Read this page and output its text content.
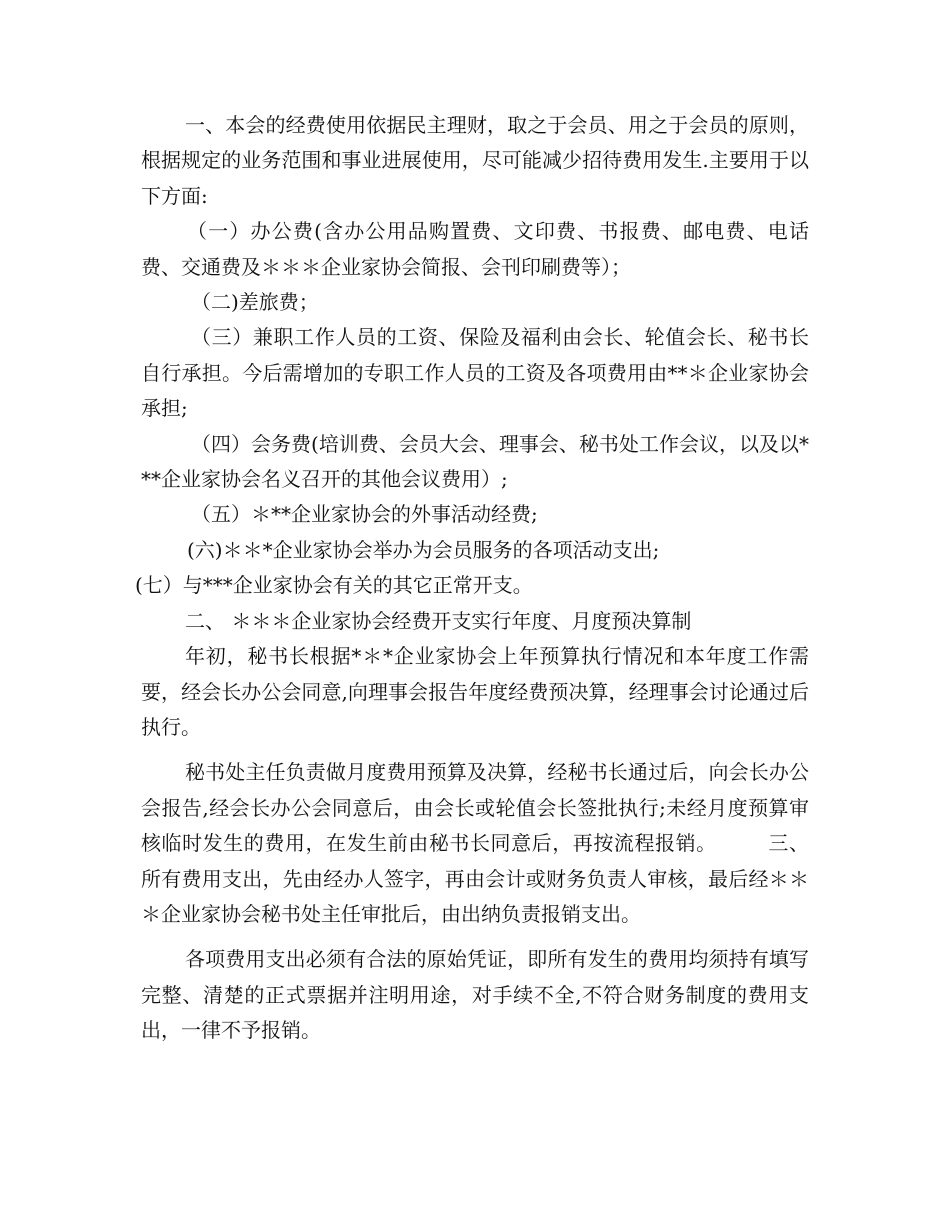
一、本会的经费使用依据民主理财，取之于会员、用之于会员的原则，根据规定的业务范围和事业进展使用，尽可能减少招待费用发生.主要用于以下方面:

（一）办公费(含办公用品购置费、文印费、书报费、邮电费、电话费、交通费及＊＊＊企业家协会简报、会刊印刷费等）；

（二)差旅费；

（三）兼职工作人员的工资、保险及福利由会长、轮值会长、秘书长自行承担。今后需增加的专职工作人员的工资及各项费用由**＊企业家协会承担;

（四）会务费(培训费、会员大会、理事会、秘书处工作会议，以及以***企业家协会名义召开的其他会议费用）;

（五）＊**企业家协会的外事活动经费;

(六)＊＊*企业家协会举办为会员服务的各项活动支出;

(七）与***企业家协会有关的其它正常开支。

二、 ＊＊＊企业家协会经费开支实行年度、月度预决算制

年初，秘书长根据*＊*企业家协会上年预算执行情况和本年度工作需要，经会长办公会同意,向理事会报告年度经费预决算，经理事会讨论通过后执行。

秘书处主任负责做月度费用预算及决算，经秘书长通过后，向会长办公会报告,经会长办公会同意后，由会长或轮值会长签批执行;未经月度预算审核临时发生的费用，在发生前由秘书长同意后，再按流程报销。　　　三、所有费用支出，先由经办人签字，再由会计或财务负责人审核，最后经＊＊＊企业家协会秘书处主任审批后，由出纳负责报销支出。

各项费用支出必须有合法的原始凭证，即所有发生的费用均须持有填写完整、清楚的正式票据并注明用途，对手续不全,不符合财务制度的费用支出，一律不予报销。
